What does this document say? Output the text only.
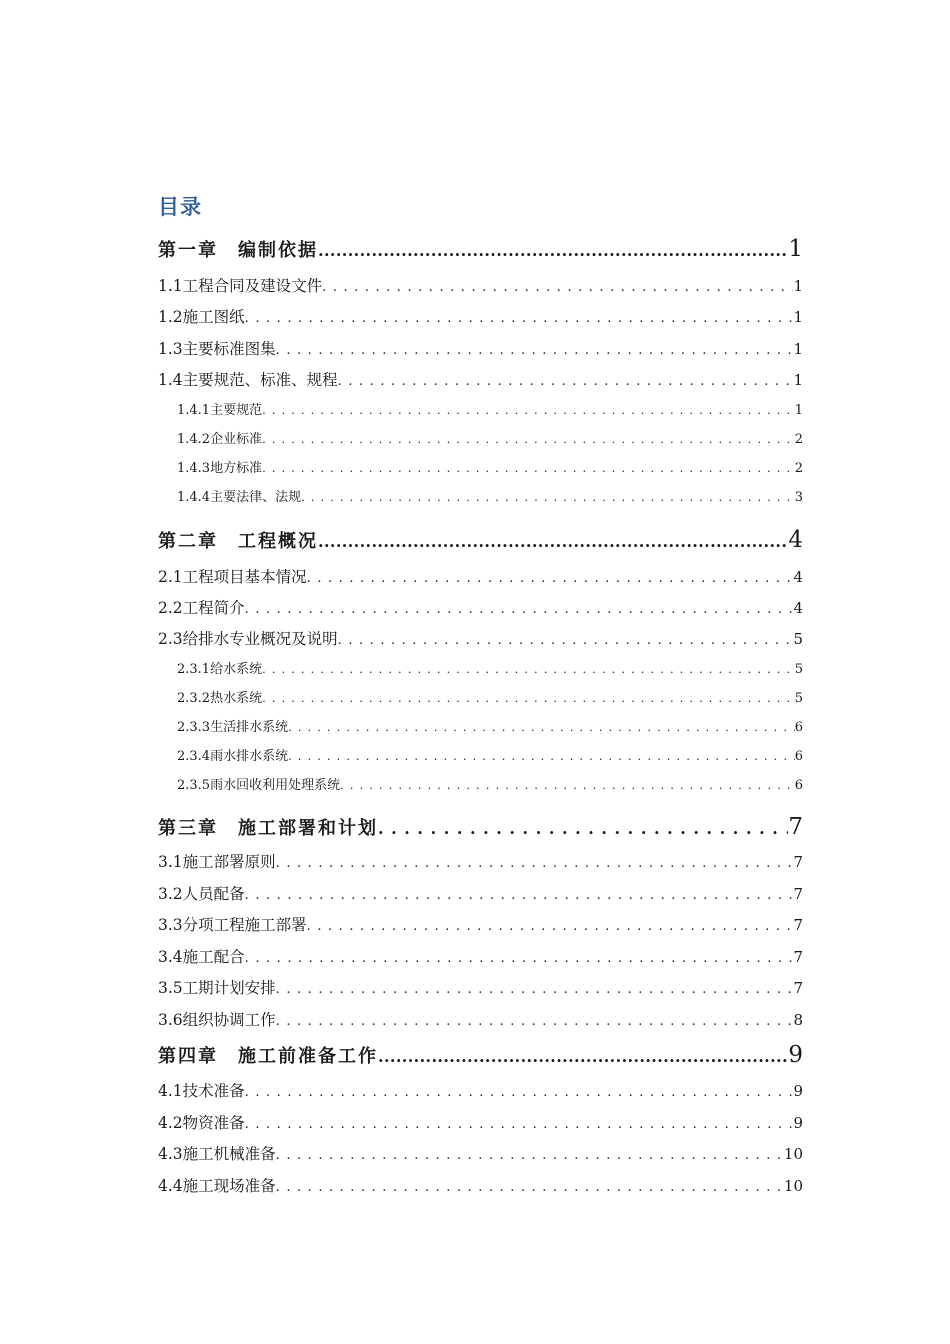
目录
第一章　编制依据 . . .	1
1.1工程合同及建设文件 . . .	1
1.2施工图纸 . . .	1
1.3主要标准图集 . . .	1
1.4主要规范、标准、规程 . . .	1
1.4.1主要规范 . . .	1
1.4.2企业标准 . . .	2
1.4.3地方标准 . . .	2
1.4.4主要法律、法规 . . .	3
第二章　工程概况 . . .	4
2.1工程项目基本情况 . . .	4
2.2工程简介 . . .	4
2.3给排水专业概况及说明 . . .	5
2.3.1给水系统 . . .	5
2.3.2热水系统 . . .	5
2.3.3生活排水系统 . . .	6
2.3.4雨水排水系统 . . .	6
2.3.5雨水回收利用处理系统 . . .	6
第三章　施工部署和计划 . . .	7
3.1施工部署原则 . . .	7
3.2人员配备 . . .	7
3.3分项工程施工部署 . . .	7
3.4施工配合 . . .	7
3.5工期计划安排 . . .	7
3.6组织协调工作 . . .	8
第四章　施工前准备工作 . . .	9
4.1技术准备 . . .	9
4.2物资准备 . . .	9
4.3施工机械准备 . . .	10
4.4施工现场准备 . . .	10
